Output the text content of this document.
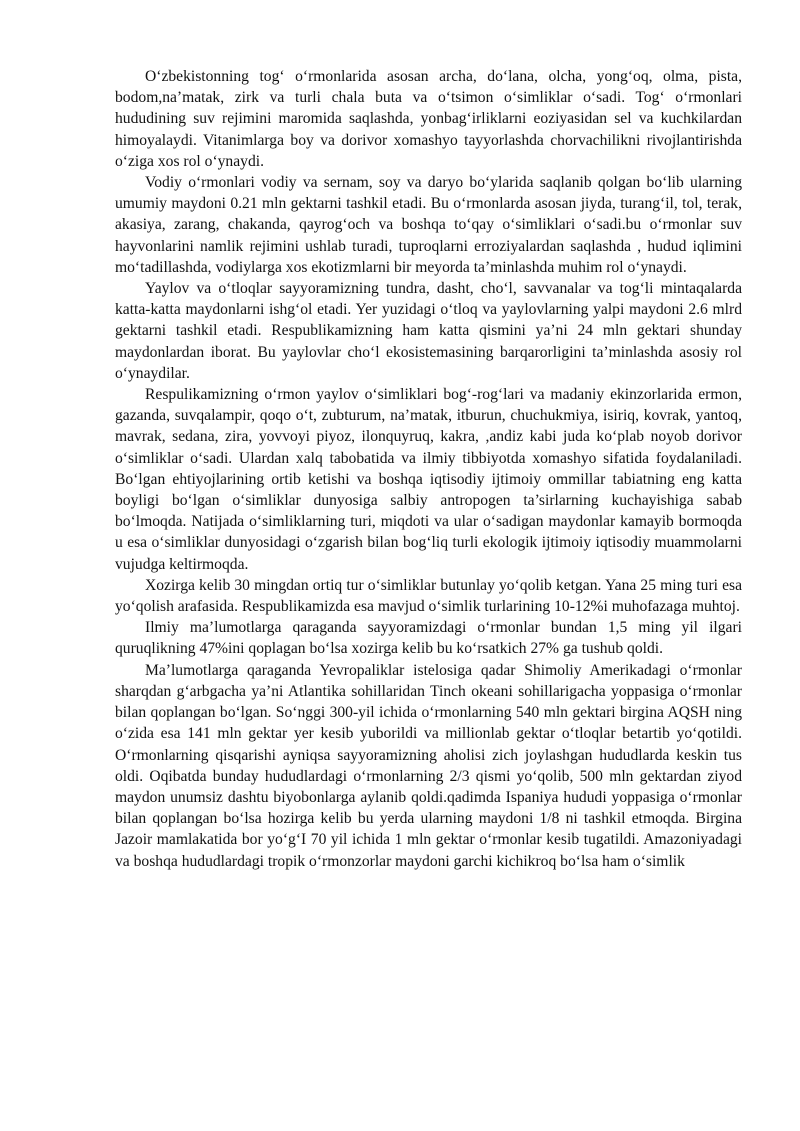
O‘zbekistonning tog‘ o‘rmonlarida asosan archa, do‘lana, olcha, yong‘oq, olma, pista, bodom,na’matak, zirk va turli chala buta va o‘tsimon o‘simliklar o‘sadi. Tog‘ o‘rmonlari hududining suv rejimini maromida saqlashda, yonbag‘irliklarni eoziyasidan sel va kuchkilardan himoyalaydi. Vitanimlarga boy va dorivor xomashyo tayyorlashda chorvachilikni rivojlantirishda o‘ziga xos rol o‘ynaydi.

Vodiy o‘rmonlari vodiy va sernam, soy va daryo bo‘ylarida saqlanib qolgan bo‘lib ularning umumiy maydoni 0.21 mln gektarni tashkil etadi. Bu o‘rmonlarda asosan jiyda, turang‘il, tol, terak, akasiya, zarang, chakanda, qayrog‘och va boshqa to‘qay o‘simliklari o‘sadi.bu o‘rmonlar suv hayvonlarini namlik rejimini ushlab turadi, tuproqlarni erroziyalardan saqlashda , hudud iqlimini mo‘tadillashda, vodiylarga xos ekotizmlarni bir meyorda ta’minlashda muhim rol o‘ynaydi.

Yaylov va o‘tloqlar sayyoramizning tundra, dasht, cho‘l, savvanalar va tog‘li mintaqalarda katta-katta maydonlarni ishg‘ol etadi. Yer yuzidagi o‘tloq va yaylovlarning yalpi maydoni 2.6 mlrd gektarni tashkil etadi. Respublikamizning ham katta qismini ya’ni 24 mln gektari shunday maydonlardan iborat. Bu yaylovlar cho‘l ekosistemasining barqarorligini ta’minlashda asosiy rol o‘ynaydilar.

Respulikamizning o‘rmon yaylov o‘simliklari bog‘-rog‘lari va madaniy ekinzorlarida ermon, gazanda, suvqalampir, qoqo o‘t, zubturum, na’matak, itburun, chuchukmiya, isiriq, kovrak, yantoq, mavrak, sedana, zira, yovvoyi piyoz, ilonquyruq, kakra, ,andiz kabi juda ko‘plab noyob dorivor o‘simliklar o‘sadi. Ulardan xalq tabobatida va ilmiy tibbiyotda xomashyo sifatida foydalaniladi. Bo‘lgan ehtiyojlarining ortib ketishi va boshqa iqtisodiy ijtimoiy ommillar tabiatning eng katta boyligi bo‘lgan o‘simliklar dunyosiga salbiy antropogen ta’sirlarning kuchayishiga sabab bo‘lmoqda. Natijada o‘simliklarning turi, miqdoti va ular o‘sadigan maydonlar kamayib bormoqda u esa o‘simliklar dunyosidagi o‘zgarish bilan bog‘liq turli ekologik ijtimoiy iqtisodiy muammolarni vujudga keltirmoqda.

Xozirga kelib 30 mingdan ortiq tur o‘simliklar butunlay yo‘qolib ketgan. Yana 25 ming turi esa yo‘qolish arafasida. Respublikamizda esa mavjud o‘simlik turlarining 10-12%i muhofazaga muhtoj.

Ilmiy ma’lumotlarga qaraganda sayyoramizdagi o‘rmonlar bundan 1,5 ming yil ilgari quruqlikning 47%ini qoplagan bo‘lsa xozirga kelib bu ko‘rsatkich 27% ga tushub qoldi.

Ma’lumotlarga qaraganda Yevropaliklar istelosiga qadar Shimoliy Amerikadagi o‘rmonlar sharqdan g‘arbgacha ya’ni Atlantika sohillaridan Tinch okeani sohillarigacha yoppasiga o‘rmonlar bilan qoplangan bo‘lgan. So‘nggi 300-yil ichida o‘rmonlarning 540 mln gektari birgina AQSH ning o‘zida esa 141 mln gektar yer kesib yuborildi va millionlab gektar o‘tloqlar betartib yo‘qotildi. O‘rmonlarning qisqarishi ayniqsa sayyoramizning aholisi zich joylashgan hududlarda keskin tus oldi. Oqibatda bunday hududlardagi o‘rmonlarning 2/3 qismi yo‘qolib, 500 mln gektardan ziyod maydon unumsiz dashtu biyobonlarga aylanib qoldi.qadimda Ispaniya hududi yoppasiga o‘rmonlar bilan qoplangan bo‘lsa hozirga kelib bu yerda ularning maydoni 1/8 ni tashkil etmoqda. Birgina Jazoir mamlakatida bor yo‘g‘I 70 yil ichida 1 mln gektar o‘rmonlar kesib tugatildi. Amazoniyadagi va boshqa hududlardagi tropik o‘rmonzorlar maydoni garchi kichikroq bo‘lsa ham o‘simlik
